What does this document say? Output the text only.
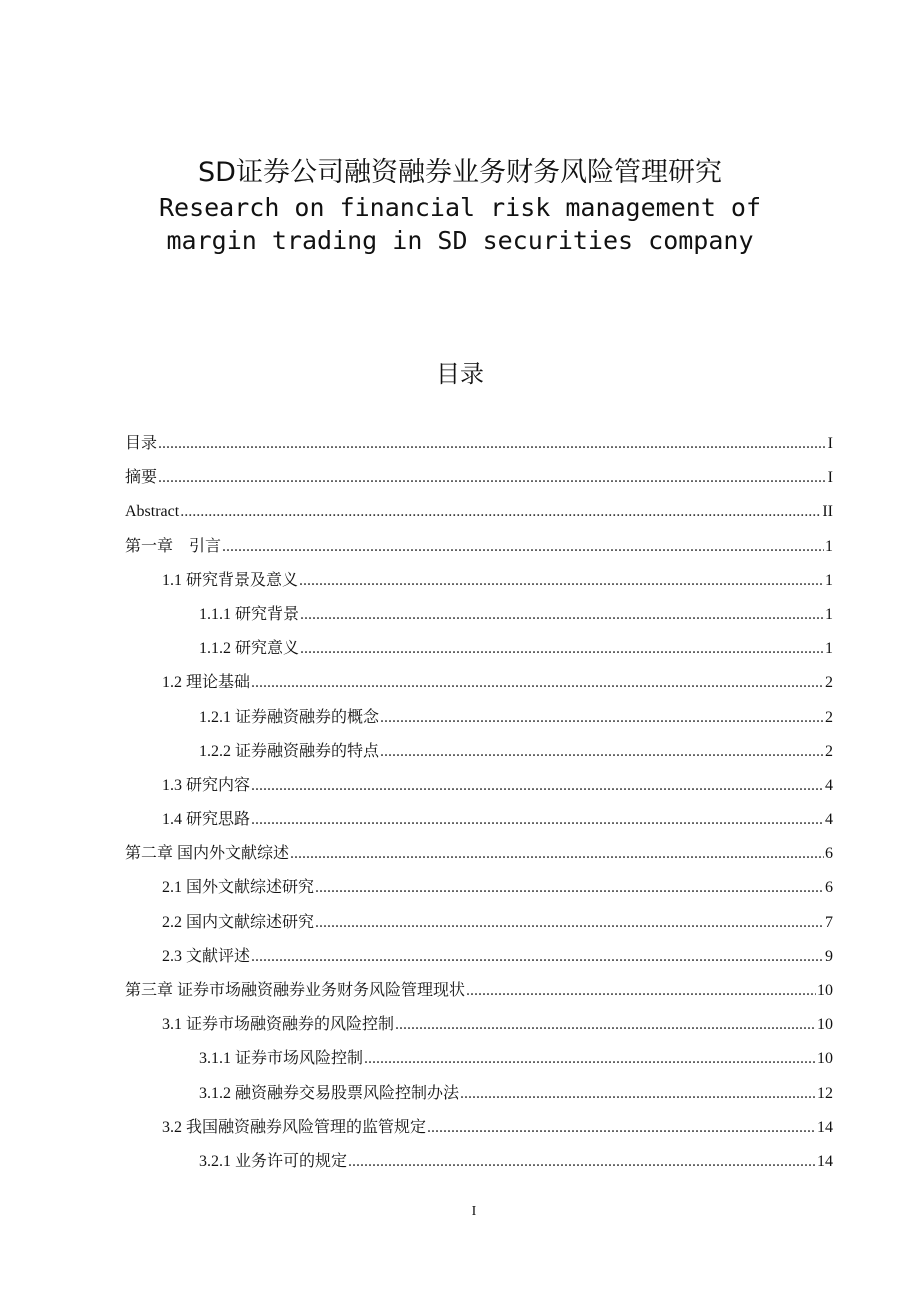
SD证券公司融资融券业务财务风险管理研究
Research on financial risk management of
margin trading in SD securities company
目录
目录 .....	I
摘要 .....	I
Abstract .....	II
第一章　引言 .....	1
1.1 研究背景及意义 .....	1
1.1.1 研究背景 .....	1
1.1.2 研究意义 .....	1
1.2 理论基础 .....	2
1.2.1 证券融资融券的概念 .....	2
1.2.2 证券融资融券的特点 .....	2
1.3 研究内容 .....	4
1.4 研究思路 .....	4
第二章 国内外文献综述 .....	6
2.1 国外文献综述研究 .....	6
2.2 国内文献综述研究 .....	7
2.3 文献评述 .....	9
第三章 证券市场融资融券业务财务风险管理现状 .....	10
3.1 证券市场融资融券的风险控制 .....	10
3.1.1 证券市场风险控制 .....	10
3.1.2 融资融券交易股票风险控制办法 .....	12
3.2 我国融资融券风险管理的监管规定 .....	14
3.2.1 业务许可的规定 .....	14
I
